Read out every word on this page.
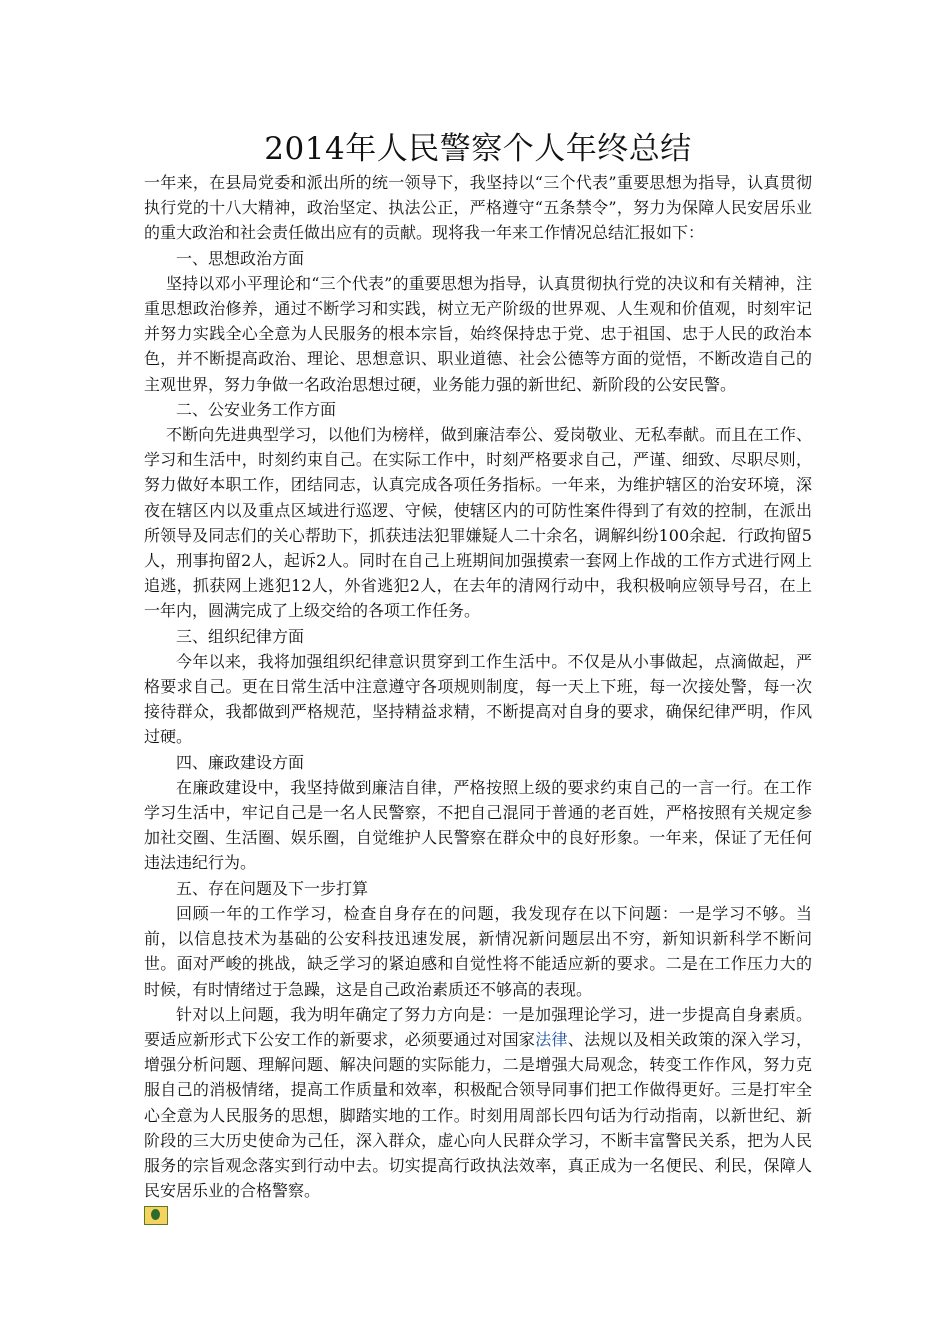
2014年人民警察个人年终总结

一年来，在县局党委和派出所的统一领导下，我坚持以“三个代表”重要思想为指导，认真贯彻执行党的十八大精神，政治坚定、执法公正，严格遵守“五条禁令”，努力为保障人民安居乐业的重大政治和社会责任做出应有的贡献。现将我一年来工作情况总结汇报如下：

一、思想政治方面

坚持以邓小平理论和“三个代表”的重要思想为指导，认真贯彻执行党的决议和有关精神，注重思想政治修养，通过不断学习和实践，树立无产阶级的世界观、人生观和价值观，时刻牢记并努力实践全心全意为人民服务的根本宗旨，始终保持忠于党、忠于祖国、忠于人民的政治本色，并不断提高政治、理论、思想意识、职业道德、社会公德等方面的觉悟，不断改造自己的主观世界，努力争做一名政治思想过硬，业务能力强的新世纪、新阶段的公安民警。

二、公安业务工作方面

不断向先进典型学习，以他们为榜样，做到廉洁奉公、爱岗敬业、无私奉献。而且在工作、学习和生活中，时刻约束自己。在实际工作中，时刻严格要求自己，严谨、细致、尽职尽则，努力做好本职工作，团结同志，认真完成各项任务指标。一年来，为维护辖区的治安环境，深夜在辖区内以及重点区域进行巡逻、守候，使辖区内的可防性案件得到了有效的控制，在派出所领导及同志们的关心帮助下，抓获违法犯罪嫌疑人二十余名，调解纠纷100余起．行政拘留5人，刑事拘留2人，起诉2人。同时在自己上班期间加强摸索一套网上作战的工作方式进行网上追逃，抓获网上逃犯12人，外省逃犯2人，在去年的清网行动中，我积极响应领导号召，在上一年内，圆满完成了上级交给的各项工作任务。

三、组织纪律方面

今年以来，我将加强组织纪律意识贯穿到工作生活中。不仅是从小事做起，点滴做起，严格要求自己。更在日常生活中注意遵守各项规则制度，每一天上下班，每一次接处警，每一次接待群众，我都做到严格规范，坚持精益求精，不断提高对自身的要求，确保纪律严明，作风过硬。

四、廉政建设方面

在廉政建设中，我坚持做到廉洁自律，严格按照上级的要求约束自己的一言一行。在工作学习生活中，牢记自己是一名人民警察，不把自己混同于普通的老百姓，严格按照有关规定参加社交圈、生活圈、娱乐圈，自觉维护人民警察在群众中的良好形象。一年来，保证了无任何违法违纪行为。

五、存在问题及下一步打算

回顾一年的工作学习，检查自身存在的问题，我发现存在以下问题：一是学习不够。当前，以信息技术为基础的公安科技迅速发展，新情况新问题层出不穷，新知识新科学不断问世。面对严峻的挑战，缺乏学习的紧迫感和自觉性将不能适应新的要求。二是在工作压力大的时候，有时情绪过于急躁，这是自己政治素质还不够高的表现。

针对以上问题，我为明年确定了努力方向是：一是加强理论学习，进一步提高自身素质。要适应新形式下公安工作的新要求，必须要通过对国家法律、法规以及相关政策的深入学习，增强分析问题、理解问题、解决问题的实际能力，二是增强大局观念，转变工作作风，努力克服自己的消极情绪，提高工作质量和效率，积极配合领导同事们把工作做得更好。三是打牢全心全意为人民服务的思想，脚踏实地的工作。时刻用周部长四句话为行动指南，以新世纪、新阶段的三大历史使命为己任，深入群众，虚心向人民群众学习，不断丰富警民关系，把为人民服务的宗旨观念落实到行动中去。切实提高行政执法效率，真正成为一名便民、利民，保障人民安居乐业的合格警察。
